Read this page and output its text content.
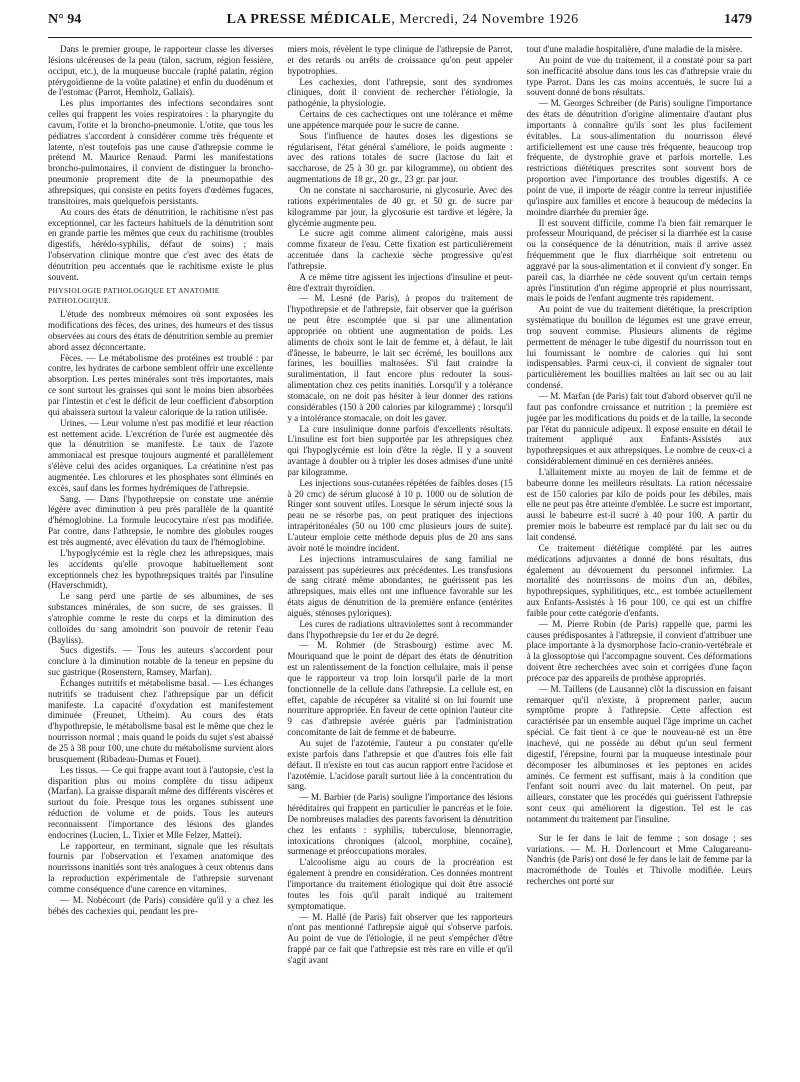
N° 94	LA PRESSE MÉDICALE, Mercredi, 24 Novembre 1926	1479

Dans le premier groupe, le rapporteur classe les diverses lésions ulcéreuses de la peau (talon, sacrum, région fessière, occiput, etc.), de la muqueuse buccale (raphé palatin, région ptérygoïdienne de la voûte palatine) et enfin du duodénum et de l'estomac (Parrot, Hemholz, Gallais).

Les plus importantes des infections secondaires sont celles qui frappent les voies respiratoires : la pharyngite du cavum, l'otite et la broncho-pneumonie. L'otite, que tous les pédiatres s'accordent à considérer comme très fréquente et latente, n'est toutefois pas une cause d'athrepsie comme le prétend M. Maurice Renaud. Parmi les manifestations broncho-pulmonaires, il convient de distinguer la broncho-pneumonie proprement dite de la pneumopathie des athrepsiques, qui consiste en petits foyers d'œdèmes fugaces, transitoires, mais quelquefois persistants.

Au cours des états de dénutrition, le rachitisme n'est pas exceptionnel, car les facteurs habituels de la dénutrition sont en grande partie les mêmes que ceux du rachitisme (troubles digestifs, hérédo-syphilis, défaut de soins) ; mais l'observation clinique montre que c'est avec des états de dénutrition peu accentués que le rachitisme existe le plus souvent.

PHYSIOLOGIE PATHOLOGIQUE ET ANATOMIE PATHOLOGIQUE.

L'étude des nombreux mémoires où sont exposées les modifications des fèces, des urines, des humeurs et des tissus observées au cours des états de dénutrition semble au premier abord assez déconcertante.

Fèces. — Le métabolisme des protéines est troublé : par contre, les hydrates de carbone semblent offrir une excellente absorption. Les pertes minérales sont très importantes, mais ce sont surtout les graisses qui sont le moins bien absorbées par l'intestin et c'est le déficit de leur coefficient d'absorption qui abaissera surtout la valeur calorique de la ration utilisée.

Urines. — Leur volume n'est pas modifié et leur réaction est nettement acide. L'excrétion de l'urée est augmentée dès que la dénutrition se manifeste. Le taux de l'azote ammoniacal est presque toujours augmenté et parallèlement s'élève celui des acides organiques. La créatinine n'est pas augmentée. Les chlorures et les phosphates sont éliminés en excès, sauf dans les formes hydrémiques de l'athrepsie.

Sang. — Dans l'hypothrepsie on constate une anémie légère avec diminution à peu près parallèle de la quantité d'hémoglobine. La formule leucocytaire n'est pas modifiée. Par contre, dans l'athrepsie, le nombre des globules rouges est très augmenté, avec élévation du taux de l'hémoglobine.

L'hypoglycémie est la règle chez les athrepsiques, mais les accidents qu'elle provoque habituellement sont exceptionnels chez les hypothrepsiques traités par l'insuline (Haverschmidt).

Le sang perd une partie de ses albumines, de ses substances minérales, de son sucre, de ses graisses. Il s'atrophie comme le reste du corps et la diminution des colloïdes du sang amoindrit son pouvoir de retenir l'eau (Bayliss).

Sucs digestifs. — Tous les auteurs s'accordent pour conclure à la diminution notable de la teneur en pepsine du suc gastrique (Rosenstern, Ramsey, Marfan).

Échanges nutritifs et métabolisme basal. — Les échanges nutritifs se traduisent chez l'athrepsique par un déficit manifeste. La capacité d'oxydation est manifestement diminuée (Freunet, Utheim). Au cours des états d'hypothrepsie, le métabolisme basal est le même que chez le nourrisson normal ; mais quand le poids du sujet s'est abaissé de 25 à 38 pour 100, une chute du métabolisme survient alors brusquement (Ribadeau-Dumas et Fouet).

Les tissus. — Ce qui frappe avant tout à l'autopsie, c'est la disparition plus ou moins complète du tissu adipeux (Marfan). La graisse disparaît même des différents viscères et surtout du foie. Presque tous les organes subissent une réduction de volume et de poids. Tous les auteurs reconnaissent l'importance des lésions des glandes endocrines (Lucien, L. Tixier et Mlle Felzer, Mattei).

Le rapporteur, en terminant, signale que les résultats fournis par l'observation et l'examen anatomique des nourrissons inanitiés sont très analogues à ceux obtenus dans la reproduction expérimentale de l'athrepsie survenant comme conséquence d'une carence en vitamines.

— M. Nobécourt (de Paris) considère qu'il y a chez les bébés des cachexies qui, pendant les pre-

miers mois, révèlent le type clinique de l'athrepsie de Parrot, et des retards ou arrêts de croissance qu'on peut appeler hypotrophies.

Les cachexies, dont l'athrepsie, sont des syndromes cliniques, dont il convient de rechercher l'étiologie, la pathogénie, la physiologie.

Certains de ces cachectiques ont une tolérance et même une appétence marquée pour le sucre de canne.

Sous l'influence de hautes doses les digestions se régularisent, l'état général s'améliore, le poids augmente : avec des rations totales de sucre (lactose du lait et saccharose, de 25 à 30 gr. par kilogramme), on obtient des augmentations de 18 gr., 20 gr., 23 gr. par jour.

On ne constate ni saccharosurie, ni glycosurie. Avec des rations expérimentales de 40 gr. et 50 gr. de sucre par kilogramme par jour, la glycosurie est tardive et légère, la glycémie augmente peu.

Le sucre agit comme aliment calorigène, mais aussi comme fixateur de l'eau. Cette fixation est particulièrement accentuée dans la cachexie sèche progressive qu'est l'athrepsie.

A ce même titre agissent les injections d'insuline et peut-être d'extrait thyroïdien.

— M. Lesné (de Paris), à propos du traitement de l'hypothrepsie et de l'athrepsie, fait observer que la guérison ne peut être escomptée que si par une alimentation appropriée on obtient une augmentation de poids. Les aliments de choix sont le lait de femme et, à défaut, le lait d'ânesse, le babeurre, le lait sec écrémé, les bouillons aux farines, les bouillies maltosées. S'il faut craindre la suralimentation, il faut encore plus redouter la sous-alimentation chez ces petits inanitiés. Lorsqu'il y a tolérance stomacale, on ne doit pas hésiter à leur donner des rations considérables (150 à 200 calories par kilogramme) ; lorsqu'il y a intolérance stomacale, on doit les gaver.

La cure insulinique donne parfois d'excellents résultats. L'insuline est fort bien supportée par les athrepsiques chez qui l'hypoglycémie est loin d'être la règle. Il y a souvent avantage à doubler ou à tripler les doses admises d'une unité par kilogramme.

Les injections sous-cutanées répétées de faibles doses (15 à 20 cmc) de sérum glucosé à 10 p. 1000 ou de solution de Ringer sont souvent utiles. Lorsque le sérum injecté sous la peau ne se résorbe pas, on peut pratiquer des injections intrapéritonéales (50 ou 100 cmc plusieurs jours de suite). L'auteur emploie cette méthode depuis plus de 20 ans sans avoir noté le moindre incident.

Les injections intramusculaires de sang familial ne paraissent pas supérieures aux précédentes. Les transfusions de sang citraté même abondantes, ne guérissent pas les athrepsiques, mais elles ont une influence favorable sur les états aigus de dénutrition de la première enfance (entérites aiguës, sténoses pyloriques).

Les cures de radiations ultraviolettes sont à recommander dans l'hypothrepsie du 1er et du 2e degré.

— M. Rohmer (de Strasbourg) estime avec M. Mouriquand que le point de départ des états de dénutrition est un ralentissement de la fonction cellulaire, mais il pense que le rapporteur va trop loin lorsqu'il parle de la mort fonctionnelle de la cellule dans l'athrepsie. La cellule est, en effet, capable de récupérer sa vitalité si on lui fournit une nourriture appropriée. En faveur de cette opinion l'auteur cite 9 cas d'athrepsie avérée guéris par l'administration concomitante de lait de femme et de babeurre.

Au sujet de l'azotémie, l'auteur a pu constater qu'elle existe parfois dans l'athrepsie et que d'autres fois elle fait défaut. Il n'existe en tout cas aucun rapport entre l'acidose et l'azotémie. L'acidose paraît surtout liée à la concentration du sang.

— M. Barbier (de Paris) souligne l'importance des lésions héréditaires qui frappent en particulier le pancréas et le foie. De nombreuses maladies des parents favorisent la dénutrition chez les enfants : syphilis, tuberculose, blennorragie, intoxications chroniques (alcool, morphine, cocaïne), surmenage et préoccupations morales.

L'alcoolisme aigu au cours de la procréation est également à prendre en considération. Ces données montrent l'importance du traitement étiologique qui doit être associé toutes les fois qu'il paraît indiqué au traitement symptomatique.

— M. Hallé (de Paris) fait observer que les rapporteurs n'ont pas mentionné l'athrepsie aiguë qui s'observe parfois. Au point de vue de l'étiologie, il ne peut s'empêcher d'être frappé par ce fait que l'athrepsie est très rare en ville et qu'il s'agit avant

tout d'une maladie hospitalière, d'une maladie de la misère.

Au point de vue du traitement, il a constaté pour sa part son inefficacité absolue dans tous les cas d'athrepsie vraie du type Parrot. Dans les cas moins accentués, le sucre lui a souvent donné de bons résultats.

— M. Georges Schreiber (de Paris) souligne l'importance des états de dénutrition d'origine alimentaire d'autant plus importants à connaître qu'ils sont les plus facilement évitables. La sous-alimentation du nourrisson élevé artificiellement est une cause très fréquente, beaucoup trop fréquente, de dystrophie grave et parfois mortelle. Les restrictions diététiques prescrites sont souvent hors de proportion avec l'importance des troubles digestifs. A ce point de vue, il importe de réagir contre la terreur injustifiée qu'inspire aux familles et encore à beaucoup de médecins la moindre diarrhée du premier âge.

Il est souvent difficile, comme l'a bien fait remarquer le professeur Mouriquand, de préciser si la diarrhée est la cause ou la conséquence de la dénutrition, mais il arrive assez fréquemment que le flux diarrhéique soit entretenu ou aggravé par la sous-alimentation et il convient d'y songer. En pareil cas, la diarrhée ne cède souvent qu'un certain temps après l'institution d'un régime approprié et plus nourrissant, mais le poids de l'enfant augmente très rapidement.

Au point de vue du traitement diététique, la prescription systématique du bouillon de légumes est une grave erreur, trop souvent commise. Plusieurs aliments de régime permettent de ménager le tube digestif du nourrisson tout en lui fournissant le nombre de calories qui lui sont indispensables. Parmi ceux-ci, il convient de signaler tout particulièrement les bouillies maltées au lait sec ou au lait condensé.

— M. Marfan (de Paris) fait tout d'abord observer qu'il ne faut pas confondre croissance et nutrition ; la première est jugée par les modifications du poids et de la taille, la seconde par l'état du pannicule adipeux. Il expose ensuite en détail le traitement appliqué aux Enfants-Assistés aux hypothrepsiques et aux athrepsiques. Le nombre de ceux-ci a considérablement diminué en ces dernières années.

L'allaitement mixte au moyen de lait de femme et de babeurre donne les meilleurs résultats. La ration nécessaire est de 150 calories par kilo de poids pour les débiles, mais elle ne peut pas être atteinte d'emblée. Le sucre est important, aussi le babeurre est-il sucré à 40 pour 100. A partir du premier mois le babeurre est remplacé par du lait sec ou du lait condensé.

Ce traitement diététique complété par les autres médications adjuvantes a donné de bons résultats, dus également au dévouement du personnel infirmier. La mortalité des nourrissons de moins d'un an, débiles, hypothrepsiques, syphilitiques, etc., est tombée actuellement aux Enfants-Assistés à 16 pour 100, ce qui est un chiffre faible pour cette catégorie d'enfants.

— M. Pierre Robin (de Paris) rappelle que, parmi les causes prédisposantes à l'athrepsie, il convient d'attribuer une place importante à la dysmorphose facio-cranio-vertébrale et à la glossoptose qui l'accompagne souvent. Ces déformations doivent être recherchées avec soin et corrigées d'une façon précoce par des appareils de prothèse appropriés.

— M. Taillens (de Lausanne) clôt la discussion en faisant remarquer qu'il n'existe, à proprement parler, aucun symptôme propre à l'athrepsie. Cette affection est caractérisée par un ensemble auquel l'âge imprime un cachet spécial. Ce fait tient à ce que le nouveau-né est un être inachevé, qui ne possède au début qu'un seul ferment digestif, l'érepsine, fourni par la muqueuse intestinale pour décomposer les albuminoses et les peptones en acides aminés. Ce ferment est suffisant, mais à la condition que l'enfant soit nourri avec du lait maternel. On peut, par ailleurs, constater que les procédés qui guérissent l'athrepsie sont ceux qui améliorent la digestion. Tel est le cas notamment du traitement par l'insuline.

Sur le fer dans le lait de femme ; son dosage ; ses variations. — M. H. Dorlencourt et Mme Calugareanu-Nandris (de Paris) ont dosé le fer dans le lait de femme par la macrométhode de Toulès et Thivolle modifiée. Leurs recherches ont porté sur
